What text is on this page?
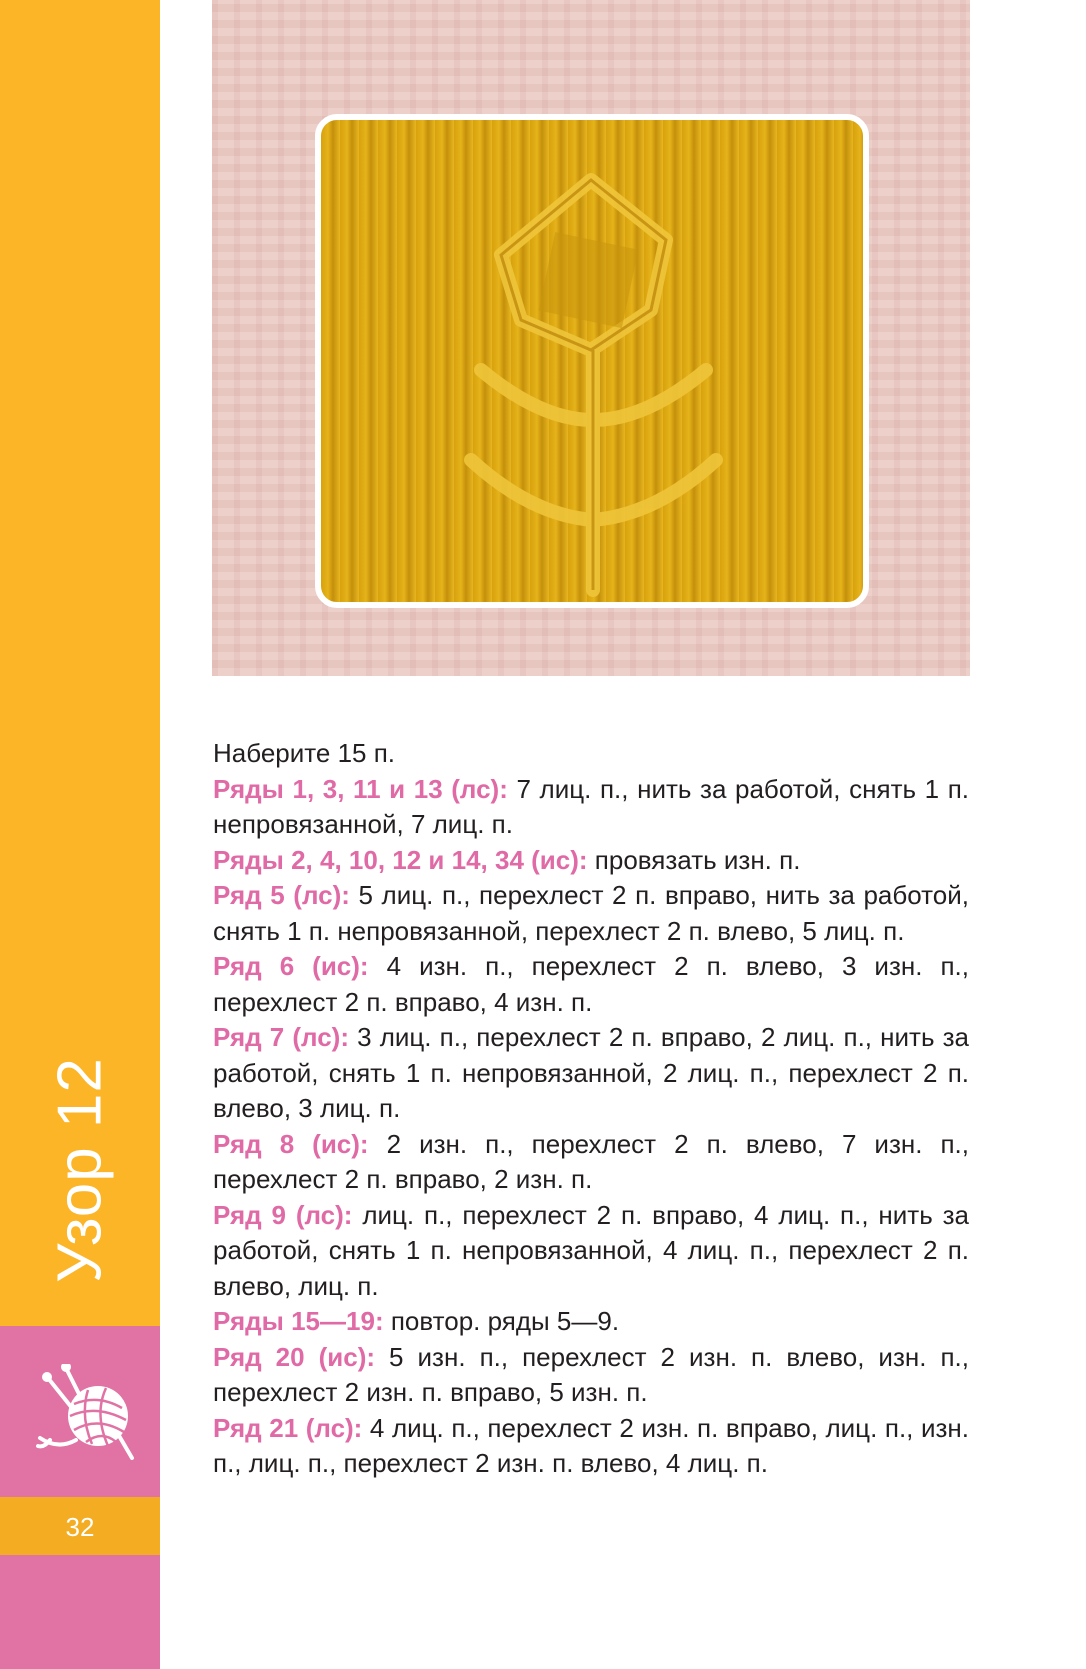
Узор 12
32

Наберите 15 п.

Ряды 1, 3, 11 и 13 (лс): 7 лиц. п., нить за работой, снять 1 п. непровязанной, 7 лиц. п.

Ряды 2, 4, 10, 12 и 14, 34 (ис): провязать изн. п.

Ряд 5 (лс): 5 лиц. п., перехлест 2 п. вправо, нить за работой, снять 1 п. непровязанной, перехлест 2 п. влево, 5 лиц. п.

Ряд 6 (ис): 4 изн. п., перехлест 2 п. влево, 3 изн. п., перехлест 2 п. вправо, 4 изн. п.

Ряд 7 (лс): 3 лиц. п., перехлест 2 п. вправо, 2 лиц. п., нить за работой, снять 1 п. непровязанной, 2 лиц. п., перехлест 2 п. влево, 3 лиц. п.

Ряд 8 (ис): 2 изн. п., перехлест 2 п. влево, 7 изн. п., перехлест 2 п. вправо, 2 изн. п.

Ряд 9 (лс): лиц. п., перехлест 2 п. вправо, 4 лиц. п., нить за работой, снять 1 п. непровязанной, 4 лиц. п., перехлест 2 п. влево, лиц. п.

Ряды 15—19: повтор. ряды 5—9.

Ряд 20 (ис): 5 изн. п., перехлест 2 изн. п. влево, изн. п., перехлест 2 изн. п. вправо, 5 изн. п.

Ряд 21 (лс): 4 лиц. п., перехлест 2 изн. п. вправо, лиц. п., изн. п., лиц. п., перехлест 2 изн. п. влево, 4 лиц. п.
